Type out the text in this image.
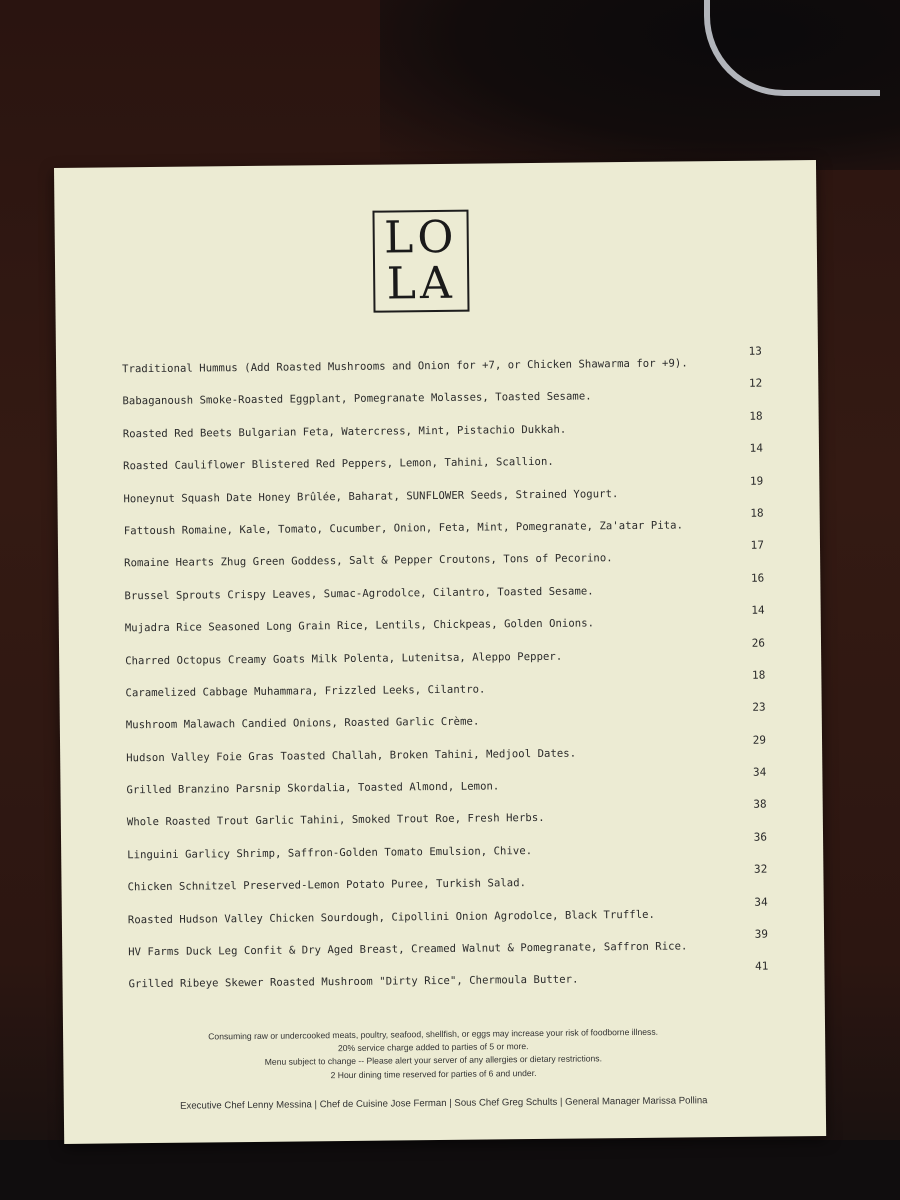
LO
LA
Traditional Hummus (Add Roasted Mushrooms and Onion for +7, or Chicken Shawarma for +9).
13
Babaganoush Smoke-Roasted Eggplant, Pomegranate Molasses, Toasted Sesame.
12
Roasted Red Beets Bulgarian Feta, Watercress, Mint, Pistachio Dukkah.
18
Roasted Cauliflower Blistered Red Peppers, Lemon, Tahini, Scallion.
14
Honeynut Squash Date Honey Brûlée, Baharat, SUNFLOWER Seeds, Strained Yogurt.
19
Fattoush Romaine, Kale, Tomato, Cucumber, Onion, Feta, Mint, Pomegranate, Za'atar Pita.
18
Romaine Hearts Zhug Green Goddess, Salt & Pepper Croutons, Tons of Pecorino.
17
Brussel Sprouts Crispy Leaves, Sumac-Agrodolce, Cilantro, Toasted Sesame.
16
Mujadra Rice Seasoned Long Grain Rice, Lentils, Chickpeas, Golden Onions.
14
Charred Octopus Creamy Goats Milk Polenta, Lutenitsa, Aleppo Pepper.
26
Caramelized Cabbage Muhammara, Frizzled Leeks, Cilantro.
18
Mushroom Malawach Candied Onions, Roasted Garlic Crème.
23
Hudson Valley Foie Gras Toasted Challah, Broken Tahini, Medjool Dates.
29
Grilled Branzino Parsnip Skordalia, Toasted Almond, Lemon.
34
Whole Roasted Trout Garlic Tahini, Smoked Trout Roe, Fresh Herbs.
38
Linguini Garlicy Shrimp, Saffron-Golden Tomato Emulsion, Chive.
36
Chicken Schnitzel Preserved-Lemon Potato Puree, Turkish Salad.
32
Roasted Hudson Valley Chicken Sourdough, Cipollini Onion Agrodolce, Black Truffle.
34
HV Farms Duck Leg Confit & Dry Aged Breast, Creamed Walnut & Pomegranate, Saffron Rice.
39
Grilled Ribeye Skewer Roasted Mushroom "Dirty Rice", Chermoula Butter.
41
Consuming raw or undercooked meats, poultry, seafood, shellfish, or eggs may increase your risk of foodborne illness.
20% service charge added to parties of 5 or more.
Menu subject to change -- Please alert your server of any allergies or dietary restrictions.
2 Hour dining time reserved for parties of 6 and under.
Executive Chef Lenny Messina | Chef de Cuisine Jose Ferman | Sous Chef Greg Schults | General Manager Marissa Pollina
